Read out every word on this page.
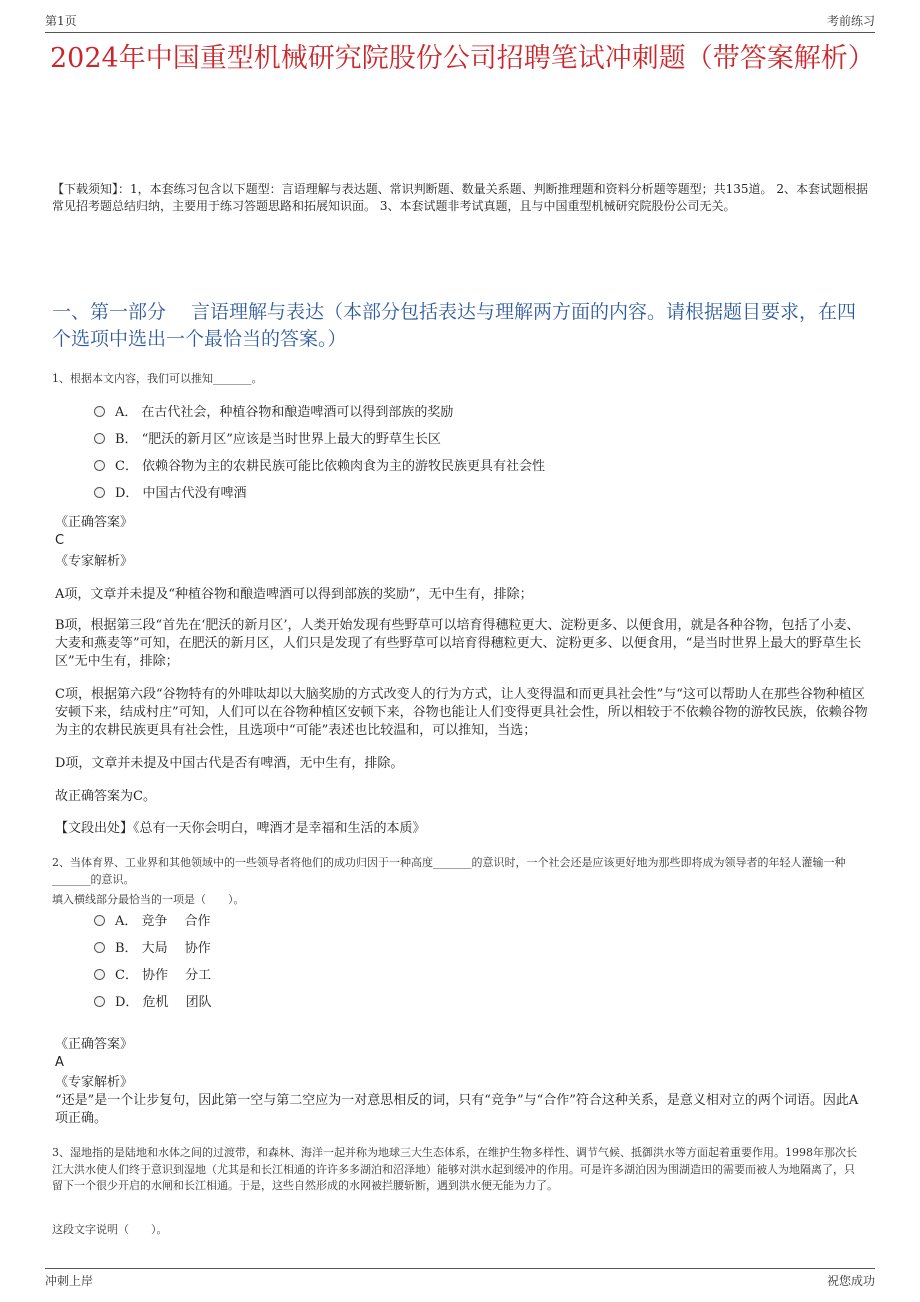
第1页	考前练习
2024年中国重型机械研究院股份公司招聘笔试冲刺题（带答案解析）
【下载须知】：1，本套练习包含以下题型：言语理解与表达题、常识判断题、数量关系题、判断推理题和资料分析题等题型；共135道。 2、本套试题根据常见招考题总结归纳，主要用于练习答题思路和拓展知识面。 3、本套试题非考试真题，且与中国重型机械研究院股份公司无关。
一、第一部分　 言语理解与表达（本部分包括表达与理解两方面的内容。请根据题目要求，在四个选项中选出一个最恰当的答案。）
1、根据本文内容，我们可以推知_______。
A． 在古代社会，种植谷物和酿造啤酒可以得到部族的奖励
B． “肥沃的新月区”应该是当时世界上最大的野草生长区
C． 依赖谷物为主的农耕民族可能比依赖肉食为主的游牧民族更具有社会性
D． 中国古代没有啤酒
《正确答案》
C
《专家解析》
A项，文章并未提及“种植谷物和酿造啤酒可以得到部族的奖励”，无中生有，排除；
B项，根据第三段“首先在‘肥沃的新月区’，人类开始发现有些野草可以培育得穗粒更大、淀粉更多、以便食用，就是各种谷物，包括了小麦、大麦和燕麦等”可知，在肥沃的新月区，人们只是发现了有些野草可以培育得穗粒更大、淀粉更多、以便食用，“是当时世界上最大的野草生长区”无中生有，排除；
C项，根据第六段“谷物特有的外啡呔却以大脑奖励的方式改变人的行为方式，让人变得温和而更具社会性”与“这可以帮助人在那些谷物种植区安顿下来，结成村庄”可知，人们可以在谷物种植区安顿下来，谷物也能让人们变得更具社会性，所以相较于不依赖谷物的游牧民族，依赖谷物为主的农耕民族更具有社会性，且选项中“可能”表述也比较温和，可以推知，当选；
D项，文章并未提及中国古代是否有啤酒，无中生有，排除。
故正确答案为C。
【文段出处】《总有一天你会明白，啤酒才是幸福和生活的本质》
2、当体育界、工业界和其他领域中的一些领导者将他们的成功归因于一种高度_______的意识时，一个社会还是应该更好地为那些即将成为领导者的年轻人灌输一种_______的意识。
填入横线部分最恰当的一项是（　　）。
A． 竞争　 合作
B． 大局　 协作
C． 协作　 分工
D． 危机　 团队
《正确答案》
A
《专家解析》
“还是”是一个让步复句，因此第一空与第二空应为一对意思相反的词，只有“竞争”与“合作”符合这种关系，是意义相对立的两个词语。因此A项正确。
3、湿地指的是陆地和水体之间的过渡带，和森林、海洋一起并称为地球三大生态体系，在维护生物多样性、调节气候、抵御洪水等方面起着重要作用。1998年那次长江大洪水使人们终于意识到湿地（尤其是和长江相通的许许多多湖泊和沼泽地）能够对洪水起到缓冲的作用。可是许多湖泊因为围湖造田的需要而被人为地隔离了，只留下一个很少开启的水闸和长江相通。于是，这些自然形成的水网被拦腰斩断，遇到洪水便无能为力了。
这段文字说明（　　）。
冲刺上岸	祝您成功
